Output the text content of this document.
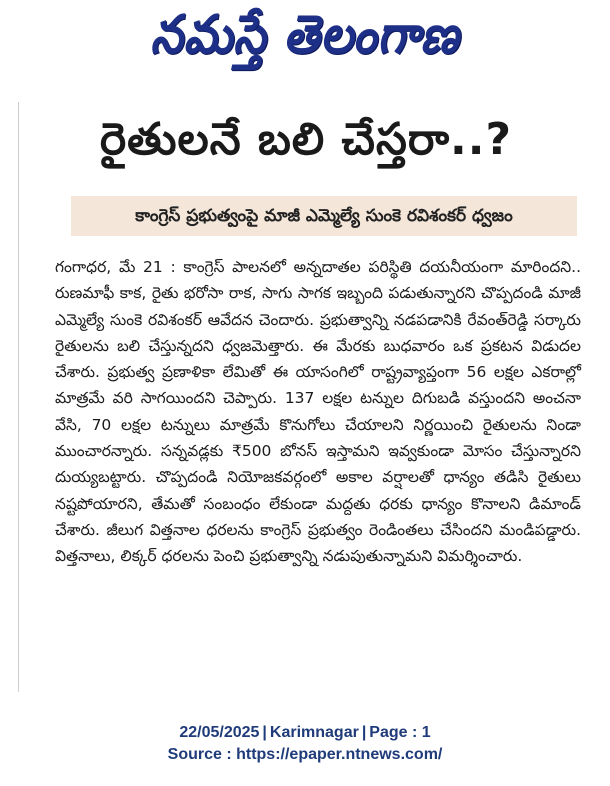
నమస్తే తెలంగాణ
రైతులనే బలి చేస్తరా..?
కాంగ్రెస్ ప్రభుత్వంపై మాజీ ఎమ్మెల్యే సుంకె రవిశంకర్ ధ్వజం
గంగాధర, మే 21 : కాంగ్రెస్ పాలనలో అన్నదాతల పరిస్థితి దయనీయంగా మారిందని.. రుణమాఫీ కాక, రైతు భరోసా రాక, సాగు సాగక ఇబ్బంది పడుతున్నారని చొప్పదండి మాజీ ఎమ్మెల్యే సుంకె రవిశంకర్ ఆవేదన చెందారు. ప్రభుత్వాన్ని నడపడానికి రేవంత్‌రెడ్డి సర్కారు రైతులను బలి చేస్తున్నదని ధ్వజమెత్తారు. ఈ మేరకు బుధవారం ఒక ప్రకటన విడుదల చేశారు. ప్రభుత్వ ప్రణాళికా లేమితో ఈ యాసంగిలో రాష్ట్రవ్యాప్తంగా 56 లక్షల ఎకరాల్లో మాత్రమే వరి సాగయిందని చెప్పారు. 137 లక్షల టన్నుల దిగుబడి వస్తుందని అంచనా వేసి, 70 లక్షల టన్నులు మాత్రమే కొనుగోలు చేయాలని నిర్ణయించి రైతులను నిండా ముంచారన్నారు. సన్నవడ్లకు ₹500 బోనస్ ఇస్తామని ఇవ్వకుండా మోసం చేస్తున్నారని దుయ్యబట్టారు. చొప్పదండి నియోజకవర్గంలో అకాల వర్షాలతో ధాన్యం తడిసి రైతులు నష్టపోయారని, తేమతో సంబంధం లేకుండా మద్దతు ధరకు ధాన్యం కొనాలని డిమాండ్ చేశారు. జీలుగ విత్తనాల ధరలను కాంగ్రెస్ ప్రభుత్వం రెండింతలు చేసిందని మండిపడ్డారు. విత్తనాలు, లిక్కర్ ధరలను పెంచి ప్రభుత్వాన్ని నడుపుతున్నామని విమర్శించారు.
22/05/2025 | Karimnagar | Page : 1
Source : https://epaper.ntnews.com/
